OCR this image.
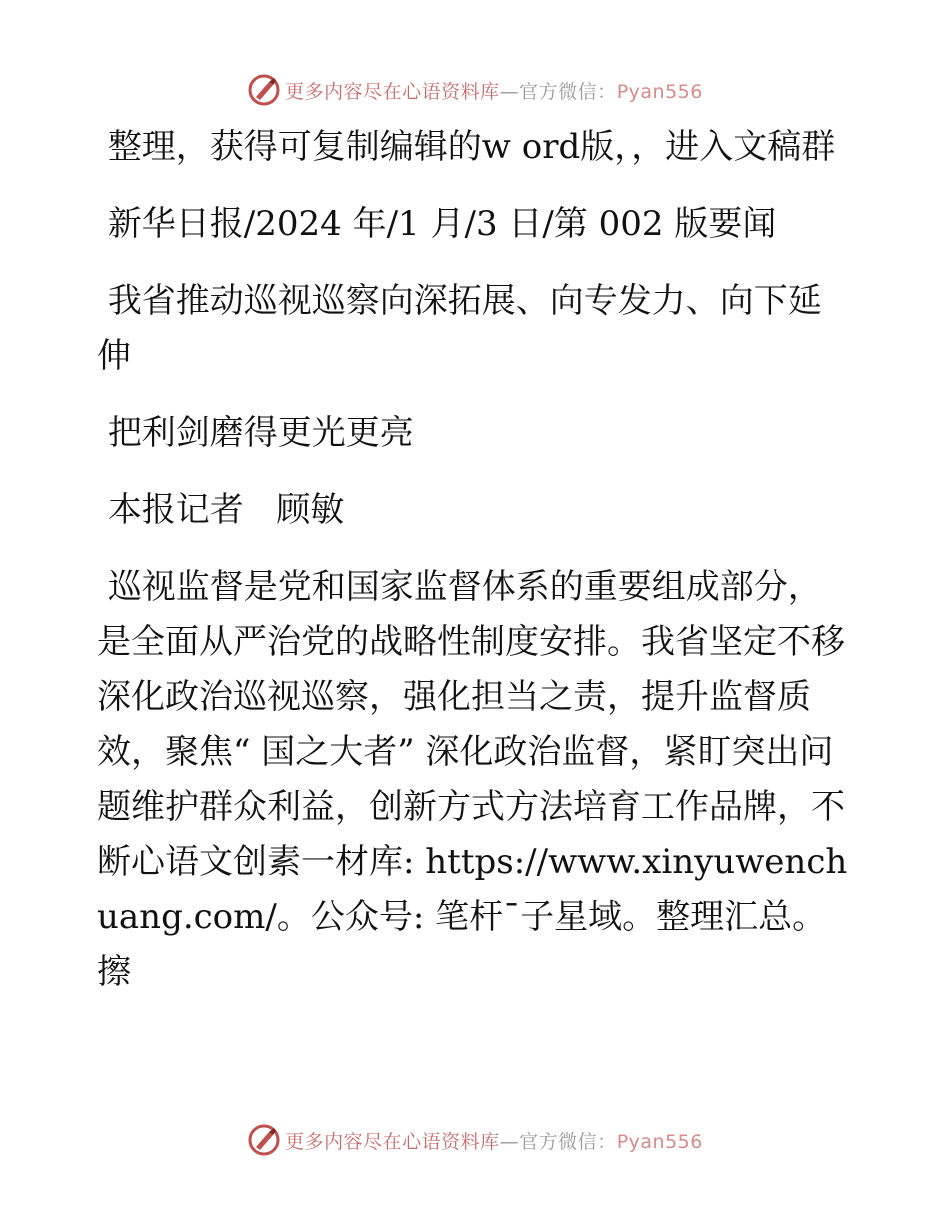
更多内容尽在心语资料库—官方微信：Pyan556

整理，获得可复制编辑的w ord版，，进入文稿群

新华日报/2024 年/1 月/3 日/第 002 版要闻

我省推动巡视巡察向深拓展、向专发力、向下延伸

把利剑磨得更光更亮

本报记者   顾敏

巡视监督是党和国家监督体系的重要组成部分，是全面从严治党的战略性制度安排。我省坚定不移深化政治巡视巡察，强化担当之责，提升监督质效，聚焦“ 国之大者” 深化政治监督，紧盯突出问题维护群众利益，创新方式方法培育工作品牌，不断心语文创素一材库: https://www.xinyuwenchuang.com/。公众号: 笔杆¯子星域。整理汇总。擦

更多内容尽在心语资料库—官方微信：Pyan556
